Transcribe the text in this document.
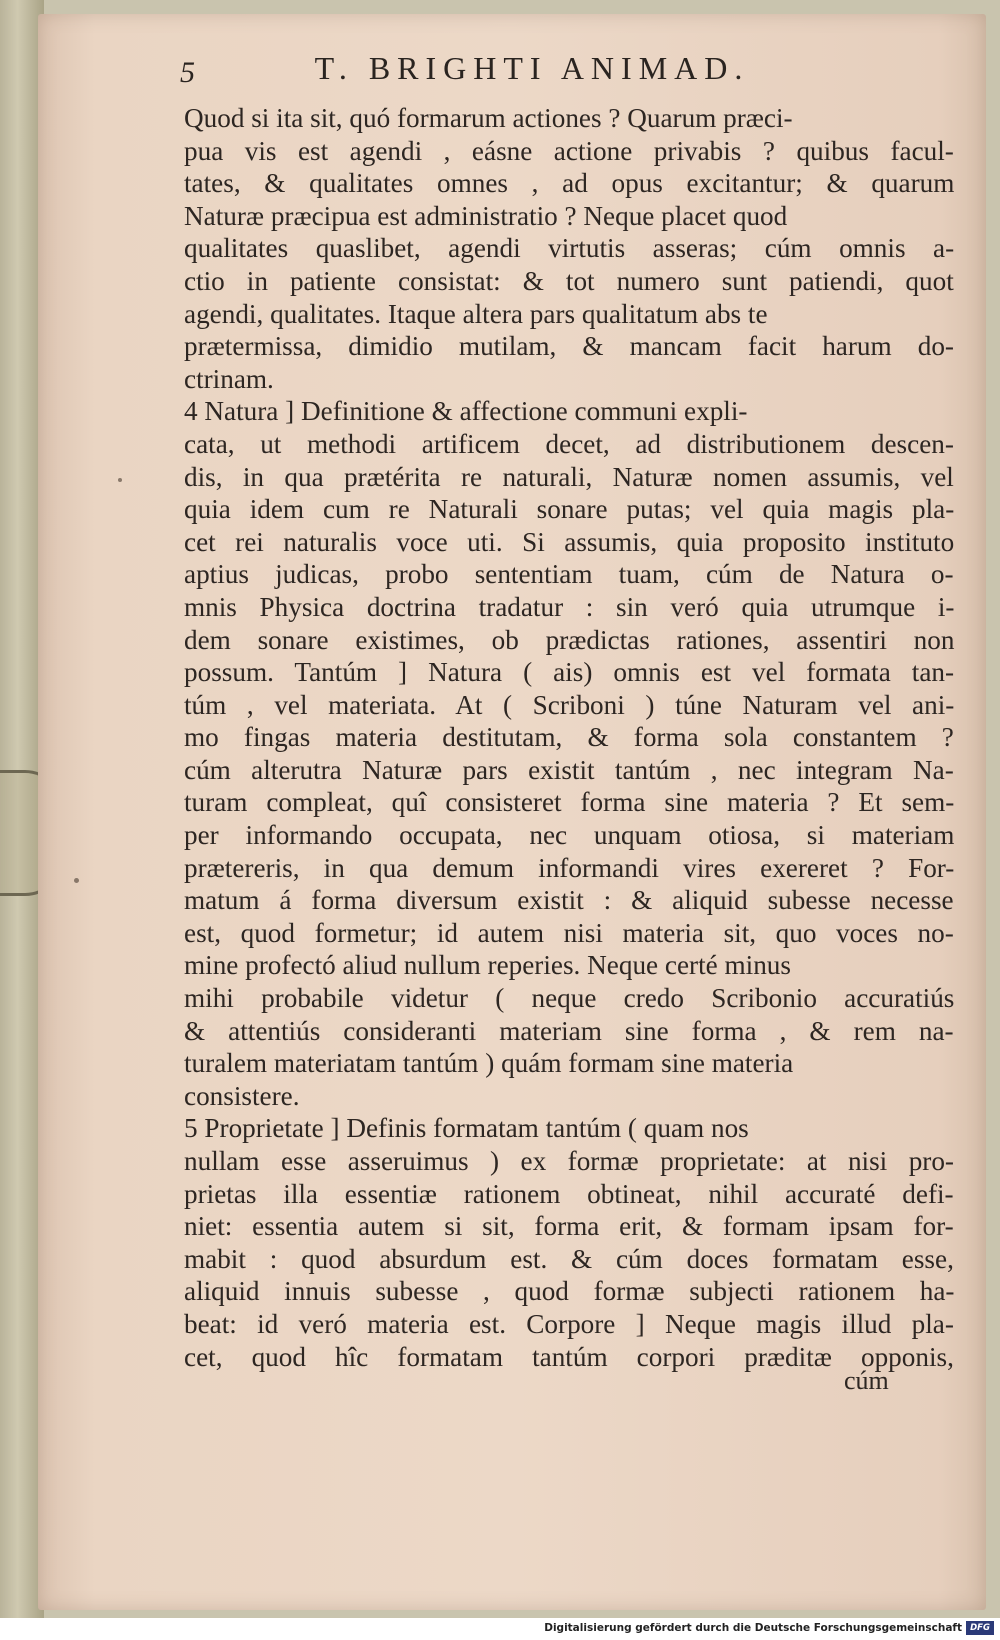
5	T. BRIGHTI ANIMAD.
Quod si ita sit, quó formarum actiones ? Quarum præci-
pua vis est agendi , eásne actione privabis ? quibus facul-
tates, & qualitates omnes , ad opus excitantur; & quarum
Naturæ præcipua est administratio ? Neque placet quod
qualitates quaslibet, agendi virtutis asseras; cúm omnis a-
ctio in patiente consistat: & tot numero sunt patiendi, quot
agendi, qualitates. Itaque altera pars qualitatum abs te
prætermissa, dimidio mutilam, & mancam facit harum do-
ctrinam.
4 Natura ] Definitione & affectione communi expli-
cata, ut methodi artificem decet, ad distributionem descen-
dis, in qua prætérita re naturali, Naturæ nomen assumis, vel
quia idem cum re Naturali sonare putas; vel quia magis pla-
cet rei naturalis voce uti. Si assumis, quia proposito instituto
aptius judicas, probo sententiam tuam, cúm de Natura o-
mnis Physica doctrina tradatur : sin veró quia utrumque i-
dem sonare existimes, ob prædictas rationes, assentiri non
possum. Tantúm ] Natura ( ais) omnis est vel formata tan-
túm , vel materiata. At ( Scriboni ) túne Naturam vel ani-
mo fingas materia destitutam, & forma sola constantem ?
cúm alterutra Naturæ pars existit tantúm , nec integram Na-
turam compleat, quî consisteret forma sine materia ? Et sem-
per informando occupata, nec unquam otiosa, si materiam
prætereris, in qua demum informandi vires exereret ? For-
matum á forma diversum existit : & aliquid subesse necesse
est, quod formetur; id autem nisi materia sit, quo voces no-
mine profectó aliud nullum reperies. Neque certé minus
mihi probabile videtur ( neque credo Scribonio accuratiús
& attentiús consideranti materiam sine forma , & rem na-
turalem materiatam tantúm ) quám formam sine materia
consistere.
5 Proprietate ] Definis formatam tantúm ( quam nos
nullam esse asseruimus ) ex formæ proprietate: at nisi pro-
prietas illa essentiæ rationem obtineat, nihil accuraté defi-
niet: essentia autem si sit, forma erit, & formam ipsam for-
mabit : quod absurdum est. & cúm doces formatam esse,
aliquid innuis subesse , quod formæ subjecti rationem ha-
beat: id veró materia est. Corpore ] Neque magis illud pla-
cet, quod hîc formatam tantúm corpori præditæ opponis,
cúm
Digitalisierung gefördert durch die Deutsche Forschungsgemeinschaft DFG
